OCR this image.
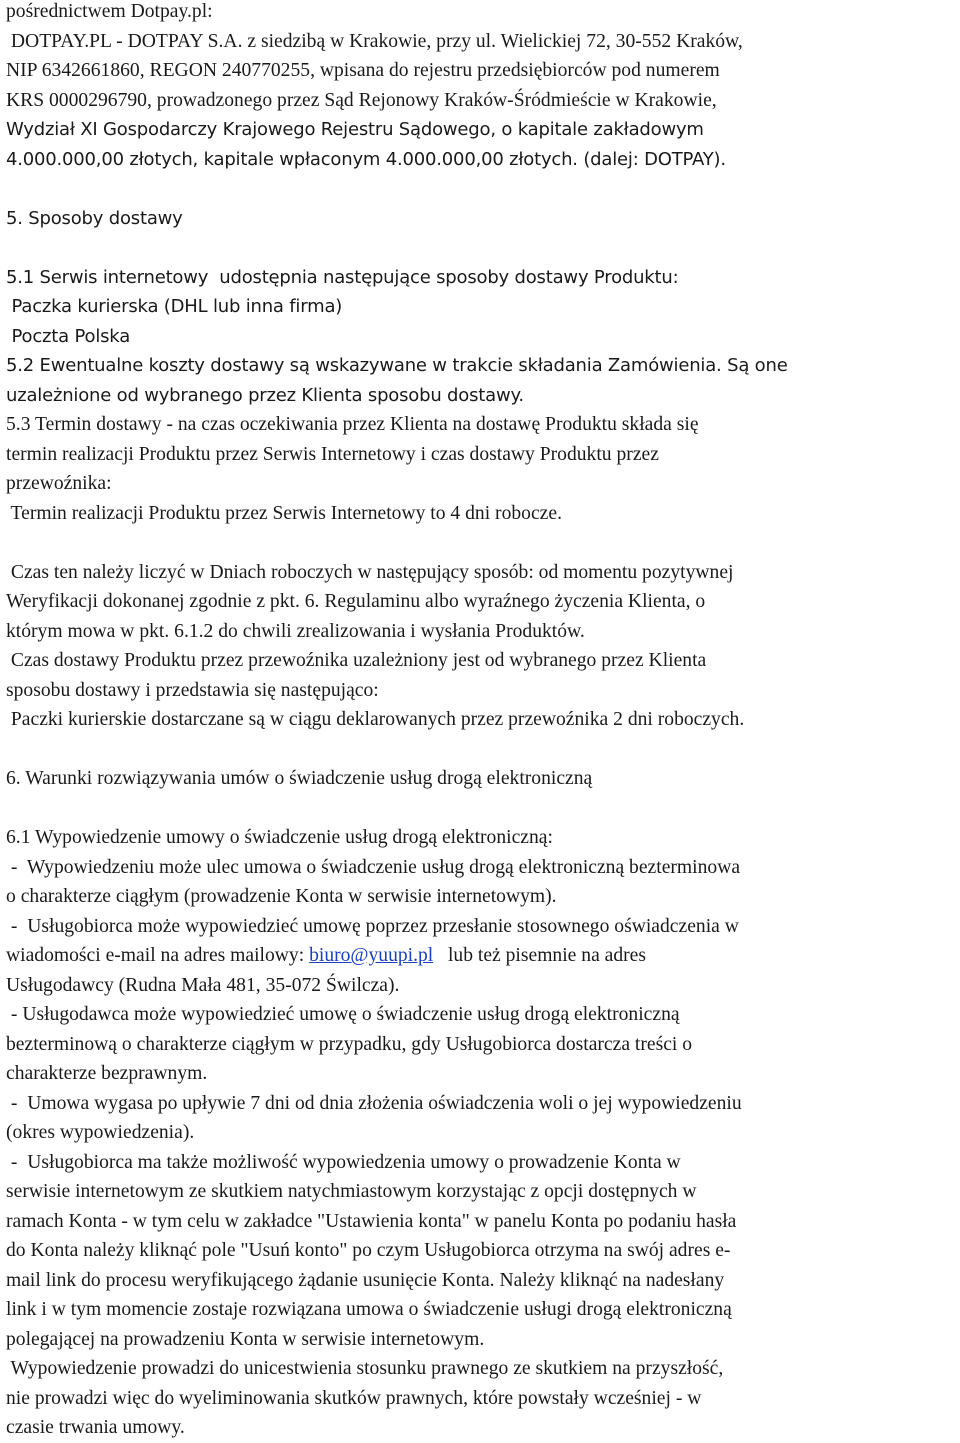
pośrednictwem Dotpay.pl:
DOTPAY.PL - DOTPAY S.A. z siedzibą w Krakowie, przy ul. Wielickiej 72, 30-552 Kraków,
NIP 6342661860, REGON 240770255, wpisana do rejestru przedsiębiorców pod numerem
KRS 0000296790, prowadzonego przez Sąd Rejonowy Kraków-Śródmieście w Krakowie,
Wydział XI Gospodarczy Krajowego Rejestru Sądowego, o kapitale zakładowym
4.000.000,00 złotych, kapitale wpłaconym 4.000.000,00 złotych. (dalej: DOTPAY).
5. Sposoby dostawy
5.1 Serwis internetowy  udostępnia następujące sposoby dostawy Produktu:
Paczka kurierska (DHL lub inna firma)
Poczta Polska
5.2 Ewentualne koszty dostawy są wskazywane w trakcie składania Zamówienia. Są one
uzależnione od wybranego przez Klienta sposobu dostawy.
5.3 Termin dostawy - na czas oczekiwania przez Klienta na dostawę Produktu składa się
termin realizacji Produktu przez Serwis Internetowy i czas dostawy Produktu przez
przewoźnika:
Termin realizacji Produktu przez Serwis Internetowy to 4 dni robocze.
Czas ten należy liczyć w Dniach roboczych w następujący sposób: od momentu pozytywnej
Weryfikacji dokonanej zgodnie z pkt. 6. Regulaminu albo wyraźnego życzenia Klienta, o
którym mowa w pkt. 6.1.2 do chwili zrealizowania i wysłania Produktów.
Czas dostawy Produktu przez przewoźnika uzależniony jest od wybranego przez Klienta
sposobu dostawy i przedstawia się następująco:
Paczki kurierskie dostarczane są w ciągu deklarowanych przez przewoźnika 2 dni roboczych.
6. Warunki rozwiązywania umów o świadczenie usług drogą elektroniczną
6.1 Wypowiedzenie umowy o świadczenie usług drogą elektroniczną:
-  Wypowiedzeniu może ulec umowa o świadczenie usług drogą elektroniczną bezterminowa
o charakterze ciągłym (prowadzenie Konta w serwisie internetowym).
-  Usługobiorca może wypowiedzieć umowę poprzez przesłanie stosownego oświadczenia w
wiadomości e-mail na adres mailowy: biuro@yuupi.pl   lub też pisemnie na adres
Usługodawcy (Rudna Mała 481, 35-072 Świlcza).
- Usługodawca może wypowiedzieć umowę o świadczenie usług drogą elektroniczną
bezterminową o charakterze ciągłym w przypadku, gdy Usługobiorca dostarcza treści o
charakterze bezprawnym.
-  Umowa wygasa po upływie 7 dni od dnia złożenia oświadczenia woli o jej wypowiedzeniu
(okres wypowiedzenia).
-  Usługobiorca ma także możliwość wypowiedzenia umowy o prowadzenie Konta w
serwisie internetowym ze skutkiem natychmiastowym korzystając z opcji dostępnych w
ramach Konta - w tym celu w zakładce "Ustawienia konta" w panelu Konta po podaniu hasła
do Konta należy kliknąć pole "Usuń konto" po czym Usługobiorca otrzyma na swój adres e-
mail link do procesu weryfikującego żądanie usunięcie Konta. Należy kliknąć na nadesłany
link i w tym momencie zostaje rozwiązana umowa o świadczenie usługi drogą elektroniczną
polegającej na prowadzeniu Konta w serwisie internetowym.
Wypowiedzenie prowadzi do unicestwienia stosunku prawnego ze skutkiem na przyszłość,
nie prowadzi więc do wyeliminowania skutków prawnych, które powstały wcześniej - w
czasie trwania umowy.
